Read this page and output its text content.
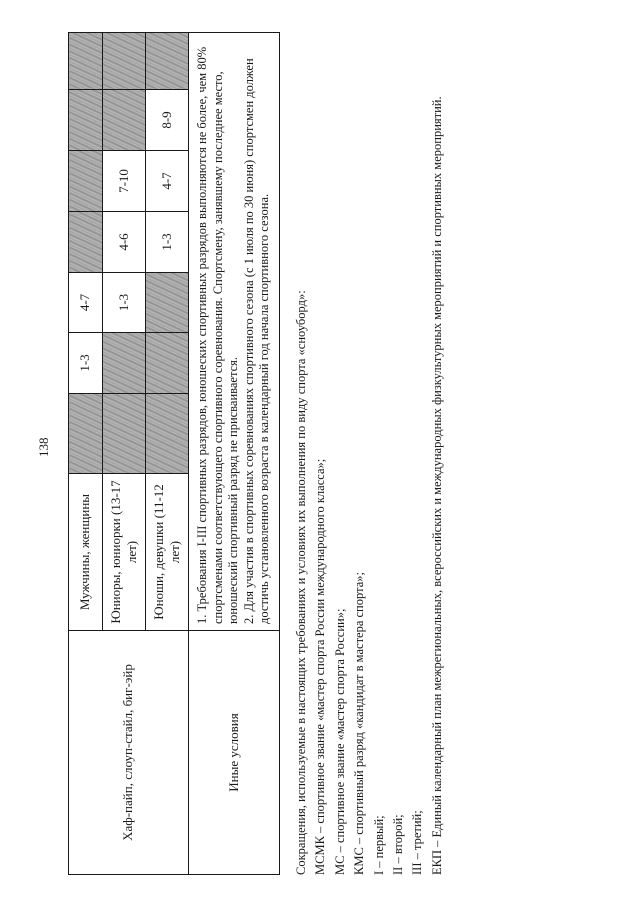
138
Хаф-пайп, слоуп-стайл, биг-эйр	Мужчины, женщины		1-3	4-7				
	Юниоры, юниорки (13-17 лет)			1-3	4-6	7-10		
	Юноши, девушки (11-12 лет)				1-3	4-7	8-9	
Иные условия	1. Требования I-III спортивных разрядов, юношеских спортивных разрядов выполняются не более, чем 80% спортсменами соответствующего спортивного соревнования. Спортсмену, занявшему последнее место, юношеский спортивный разряд не присваивается. 2. Для участия в спортивных соревнованиях спортивного сезона (с 1 июля по 30 июня) спортсмен должен достичь установленного возраста в календарный год начала спортивного сезона.							Сокращения, используемые в настоящих требованиях и условиях их выполнения по виду спорта «сноуборд»: МСМК – спортивное звание «мастер спорта России международного класса»; МС – спортивное звание «мастер спорта России»; КМС – спортивный разряд «кандидат в мастера спорта»; I – первый; II – второй; III – третий; ЕКП – Единый календарный план межрегиональных, всероссийских и международных физкультурных мероприятий и спортивных мероприятий.
